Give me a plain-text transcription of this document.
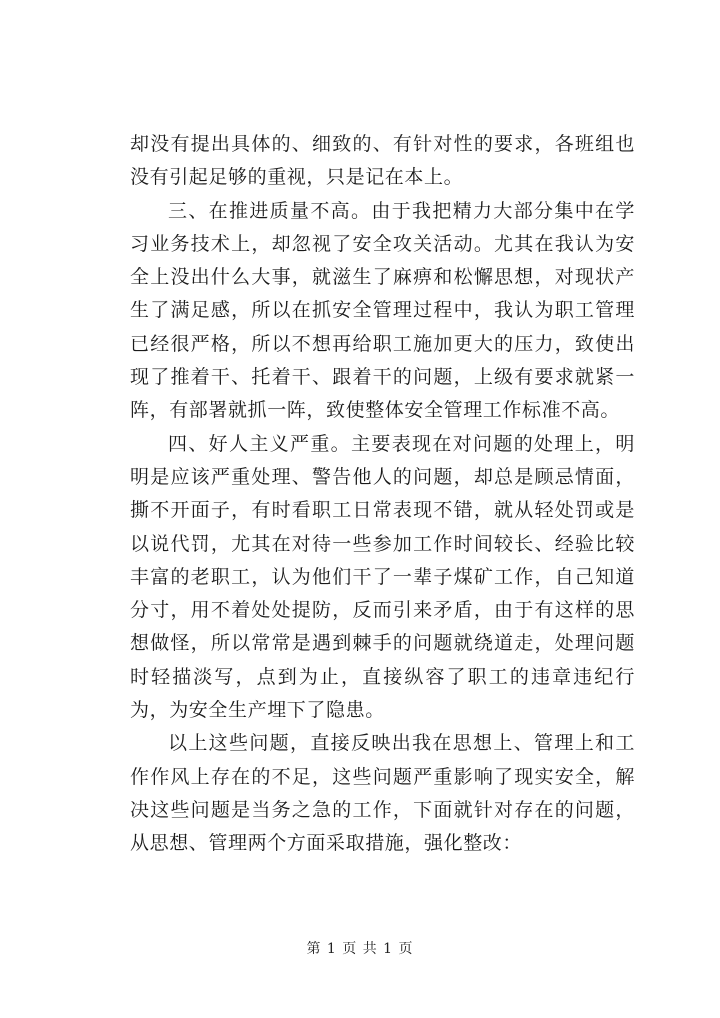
却没有提出具体的、细致的、有针对性的要求，各班组也没有引起足够的重视，只是记在本上。

三、在推进质量不高。由于我把精力大部分集中在学习业务技术上，却忽视了安全攻关活动。尤其在我认为安全上没出什么大事，就滋生了麻痹和松懈思想，对现状产生了满足感，所以在抓安全管理过程中，我认为职工管理已经很严格，所以不想再给职工施加更大的压力，致使出现了推着干、托着干、跟着干的问题，上级有要求就紧一阵，有部署就抓一阵，致使整体安全管理工作标准不高。

四、好人主义严重。主要表现在对问题的处理上，明明是应该严重处理、警告他人的问题，却总是顾忌情面，撕不开面子，有时看职工日常表现不错，就从轻处罚或是以说代罚，尤其在对待一些参加工作时间较长、经验比较丰富的老职工，认为他们干了一辈子煤矿工作，自己知道分寸，用不着处处提防，反而引来矛盾，由于有这样的思想做怪，所以常常是遇到棘手的问题就绕道走，处理问题时轻描淡写，点到为止，直接纵容了职工的违章违纪行为，为安全生产埋下了隐患。

以上这些问题，直接反映出我在思想上、管理上和工作作风上存在的不足，这些问题严重影响了现实安全，解决这些问题是当务之急的工作，下面就针对存在的问题，从思想、管理两个方面采取措施，强化整改：

第 1 页 共 1 页
